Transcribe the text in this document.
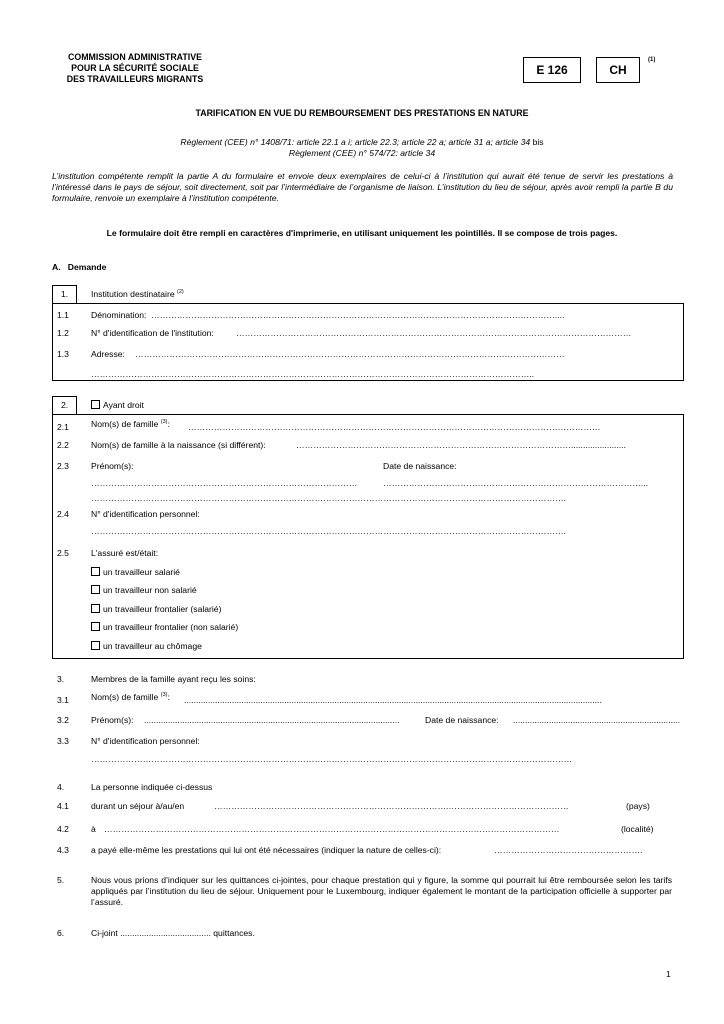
COMMISSION ADMINISTRATIVE
POUR LA SÉCURITÉ SOCIALE
DES TRAVAILLEURS MIGRANTS
E 126	CH
(1)
TARIFICATION EN VUE DU REMBOURSEMENT DES PRESTATIONS EN NATURE
Règlement (CEE) n° 1408/71: article 22.1 a i; article 22.3; article 22 a; article 31 a; article 34 bis
Règlement (CEE) n° 574/72: article 34
L’institution compétente remplit la partie A du formulaire et envoie deux exemplaires de celui-ci à l’institution qui aurait été tenue de servir les prestations à l’intéressé dans le pays de séjour, soit directement, soit par l’intermédiaire de l’organisme de liaison. L’institution du lieu de séjour, après avoir rempli la partie B du formulaire, renvoie un exemplaire à l’institution compétente.
Le formulaire doit être rempli en caractères d'imprimerie, en utilisant uniquement les pointillés. Il se compose de trois pages.
A.   Demande
1.	Institution destinataire $^{(2)}$
1.1	Dénomination: ……………………………………………………………………………………………………………………………....
1.2	N° d'identification de l'institution:	…………………………………………………………………………………………………………………………
1.3	Adresse: ……………………………………………………………………………………………………………………………………
………………………………………………………………………………………………………………………………………..
2.	Ayant droit
2.1	Nom(s) de famille $^{(3)}$: ………………………………………………………………………………………………………………………………
2.2	Nom(s) de famille à la naissance (si différent):	…………………………………………………………………………………….......................
2.3	Prénom(s):	Date de naissance:
…………………………………………………………………………………	………………………………………………………………………………...
………………………………………………………………………………………………………………………………………………….
2.4	N° d'identification personnel:
………………………………………………………………………………………………………………………………………………….
2.5	L'assuré est/était:
un travailleur salarié
un travailleur non salarié
un travailleur frontalier (salarié)
un travailleur frontalier (non salarié)
un travailleur au chômage
3.	Membres de la famille ayant reçu les soins:
3.1	Nom(s) de famille $^{(3)}$: ...............................................................................................................................................................................
3.2	Prénom(s): ...........................................................................................................	Date de naissance: ......................................................................
3.3	N° d'identification personnel:
……………………………………………………………………………………………………………………………………………………
4.	La personne indiquée ci-dessus
4.1	durant un séjour à/au/en	……………………………………………………………………….……………………………………	(pays)
4.2	à ……………………………………………………………………………………………………………………………………………	(localité)
4.3	a payé elle-même les prestations qui lui ont été nécessaires (indiquer la nature de celles-ci):	…………………………………………….
5.	Nous vous prions d’indiquer sur les quittances ci-jointes, pour chaque prestation qui y figure, la somme qui pourrait lui être remboursée selon les tarifs appliqués par l’institution du lieu de séjour. Uniquement pour le Luxembourg, indiquer également le montant de la participation officielle à supporter par l’assuré.
6.	Ci-joint ...................................... quittances.
1
